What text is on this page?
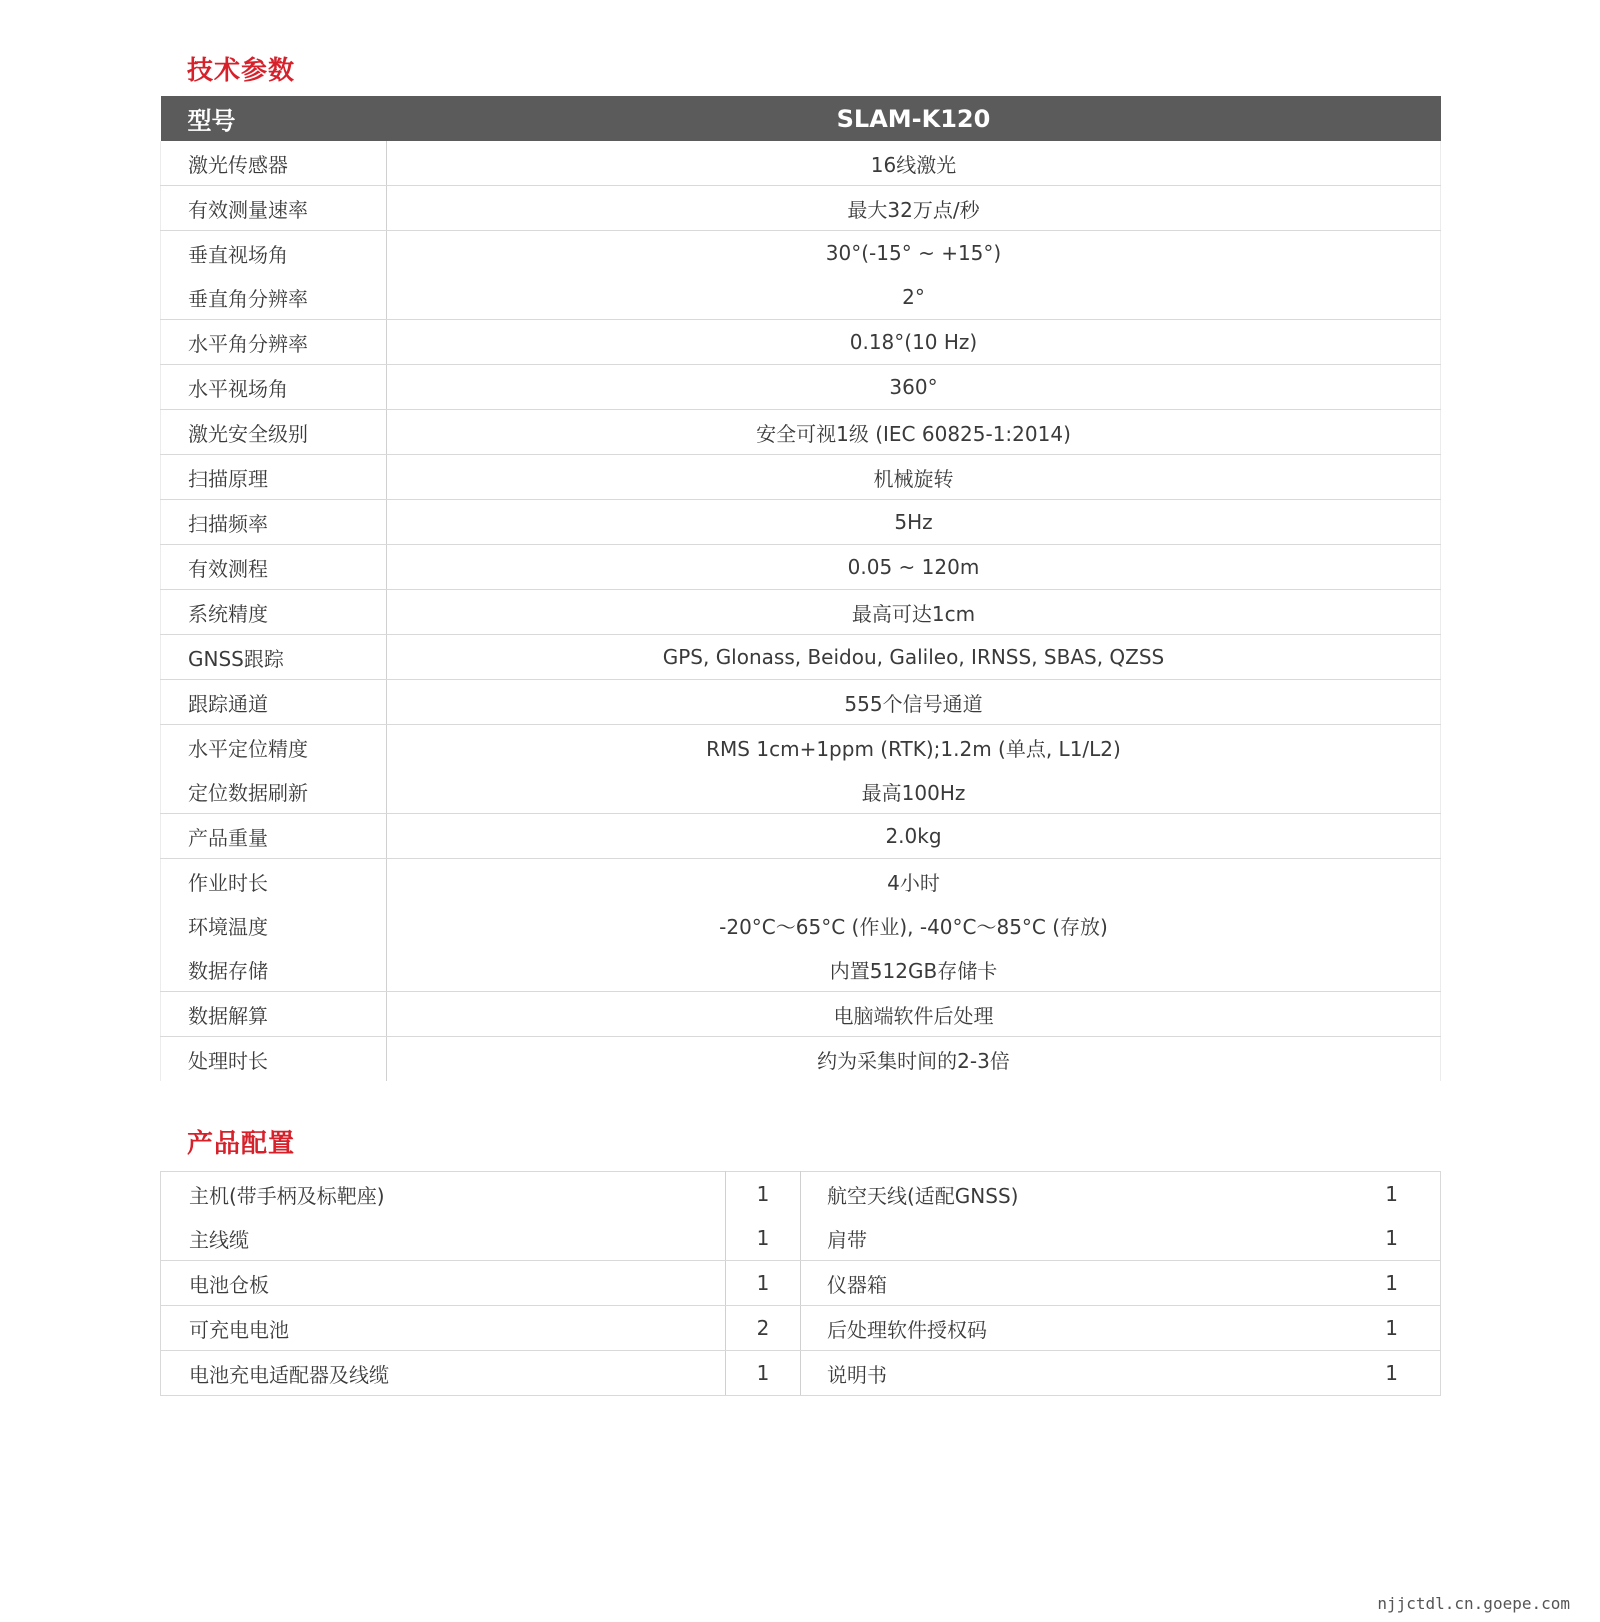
技术参数
型号	SLAM-K120
激光传感器	16线激光
有效测量速率	最大32万点/秒
垂直视场角	30°(-15° ~ +15°)
垂直角分辨率	2°
水平角分辨率	0.18°(10 Hz)
水平视场角	360°
激光安全级别	安全可视1级 (IEC 60825-1:2014)
扫描原理	机械旋转
扫描频率	5Hz
有效测程	0.05 ~ 120m
系统精度	最高可达1cm
GNSS跟踪	GPS, Glonass, Beidou, Galileo, IRNSS, SBAS, QZSS
跟踪通道	555个信号通道
水平定位精度	RMS 1cm+1ppm (RTK);1.2m (单点, L1/L2)
定位数据刷新	最高100Hz
产品重量	2.0kg
作业时长	4小时
环境温度	-20°C～65°C (作业), -40°C～85°C (存放)
数据存储	内置512GB存储卡
数据解算	电脑端软件后处理
处理时长	约为采集时间的2-3倍
产品配置
主机(带手柄及标靶座)	1	航空天线(适配GNSS)	1
主线缆	1	肩带	1
电池仓板	1	仪器箱	1
可充电电池	2	后处理软件授权码	1
电池充电适配器及线缆	1	说明书	1
njjctdl.cn.goepe.com
